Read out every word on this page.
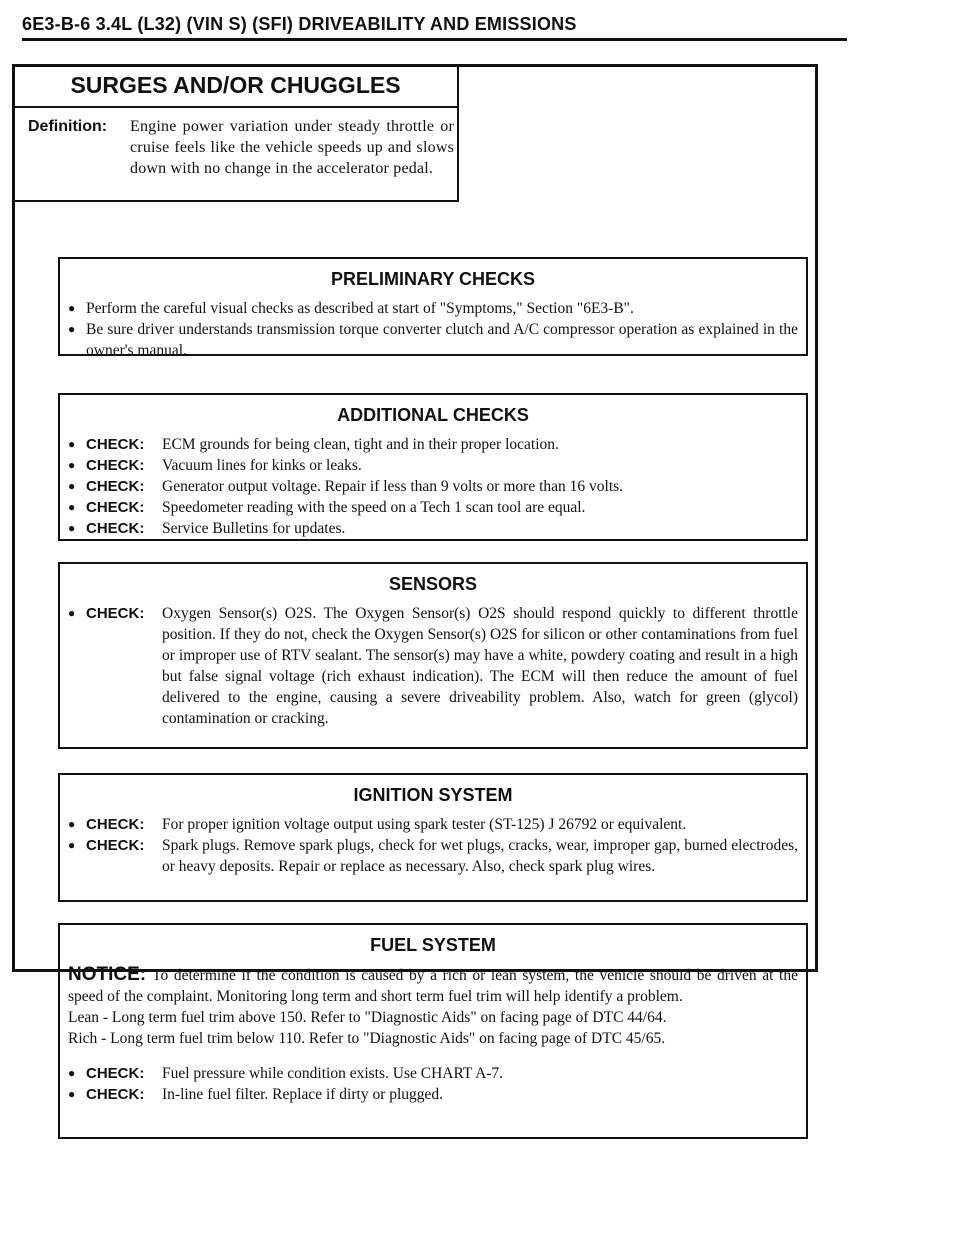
6E3-B-6 3.4L (L32) (VIN S) (SFI) DRIVEABILITY AND EMISSIONS
SURGES AND/OR CHUGGLES
Definition: Engine power variation under steady throttle or cruise feels like the vehicle speeds up and slows down with no change in the accelerator pedal.
PRELIMINARY CHECKS
● Perform the careful visual checks as described at start of "Symptoms," Section "6E3-B".
● Be sure driver understands transmission torque converter clutch and A/C compressor operation as explained in the owner's manual.
ADDITIONAL CHECKS
● CHECK:	ECM grounds for being clean, tight and in their proper location.
● CHECK:	Vacuum lines for kinks or leaks.
● CHECK:	Generator output voltage. Repair if less than 9 volts or more than 16 volts.
● CHECK:	Speedometer reading with the speed on a Tech 1 scan tool are equal.
● CHECK:	Service Bulletins for updates.
SENSORS
● CHECK:	Oxygen Sensor(s) O2S. The Oxygen Sensor(s) O2S should respond quickly to different throttle position. If they do not, check the Oxygen Sensor(s) O2S for silicon or other contaminations from fuel or improper use of RTV sealant. The sensor(s) may have a white, powdery coating and result in a high but false signal voltage (rich exhaust indication). The ECM will then reduce the amount of fuel delivered to the engine, causing a severe driveability problem. Also, watch for green (glycol) contamination or cracking.
IGNITION SYSTEM
● CHECK:	For proper ignition voltage output using spark tester (ST-125) J 26792 or equivalent.
● CHECK:	Spark plugs. Remove spark plugs, check for wet plugs, cracks, wear, improper gap, burned electrodes, or heavy deposits. Repair or replace as necessary. Also, check spark plug wires.
FUEL SYSTEM
NOTICE: To determine if the condition is caused by a rich or lean system, the vehicle should be driven at the speed of the complaint. Monitoring long term and short term fuel trim will help identify a problem.
Lean - Long term fuel trim above 150. Refer to "Diagnostic Aids" on facing page of DTC 44/64.
Rich - Long term fuel trim below 110. Refer to "Diagnostic Aids" on facing page of DTC 45/65.
● CHECK:	Fuel pressure while condition exists. Use CHART A-7.
● CHECK:	In-line fuel filter. Replace if dirty or plugged.
